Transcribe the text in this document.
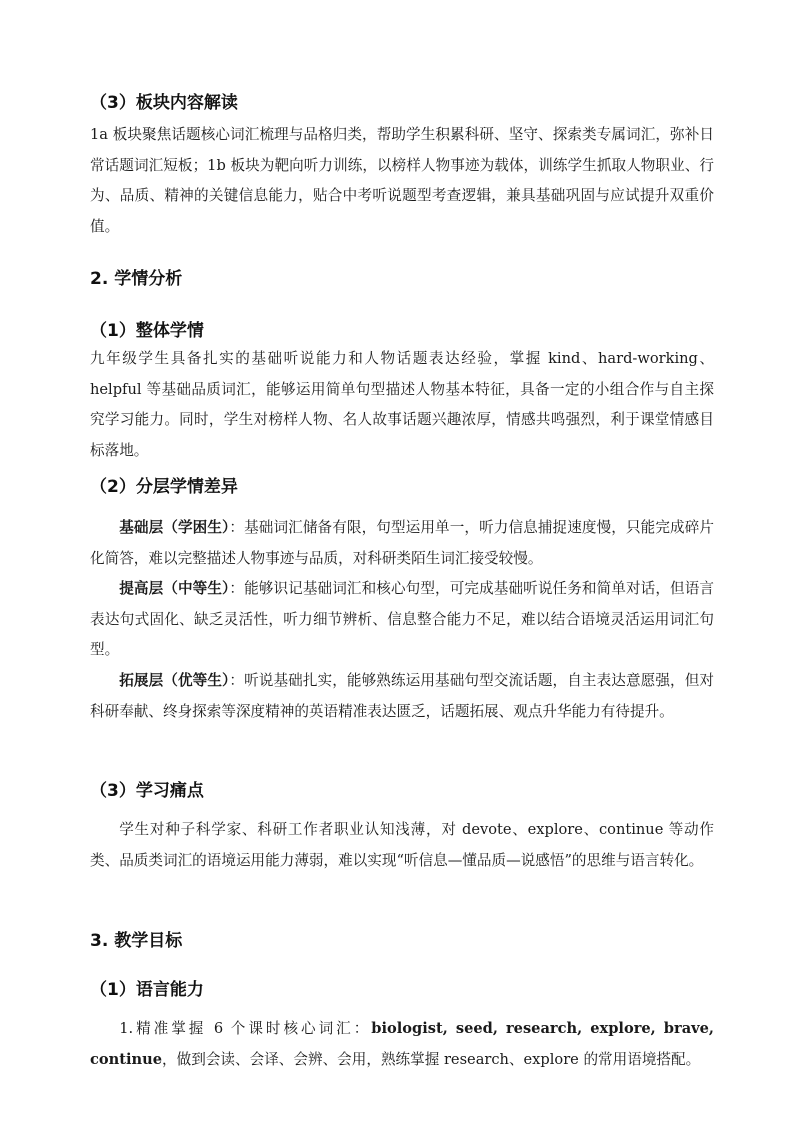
（3）板块内容解读

1a 板块聚焦话题核心词汇梳理与品格归类，帮助学生积累科研、坚守、探索类专属词汇，弥补日常话题词汇短板；1b 板块为靶向听力训练，以榜样人物事迹为载体，训练学生抓取人物职业、行为、品质、精神的关键信息能力，贴合中考听说题型考查逻辑，兼具基础巩固与应试提升双重价值。

2. 学情分析
（1）整体学情

九年级学生具备扎实的基础听说能力和人物话题表达经验，掌握 kind、hard-working、helpful 等基础品质词汇，能够运用简单句型描述人物基本特征，具备一定的小组合作与自主探究学习能力。同时，学生对榜样人物、名人故事话题兴趣浓厚，情感共鸣强烈，利于课堂情感目标落地。

（2）分层学情差异

基础层（学困生）：基础词汇储备有限，句型运用单一，听力信息捕捉速度慢，只能完成碎片化简答，难以完整描述人物事迹与品质，对科研类陌生词汇接受较慢。

提高层（中等生）：能够识记基础词汇和核心句型，可完成基础听说任务和简单对话，但语言表达句式固化、缺乏灵活性，听力细节辨析、信息整合能力不足，难以结合语境灵活运用词汇句型。

拓展层（优等生）：听说基础扎实，能够熟练运用基础句型交流话题，自主表达意愿强，但对科研奉献、终身探索等深度精神的英语精准表达匮乏，话题拓展、观点升华能力有待提升。

（3）学习痛点

学生对种子科学家、科研工作者职业认知浅薄，对 devote、explore、continue 等动作类、品质类词汇的语境运用能力薄弱，难以实现“听信息—懂品质—说感悟”的思维与语言转化。

3. 教学目标
（1）语言能力

1.精准掌握 6 个课时核心词汇：biologist, seed, research, explore, brave, continue，做到会读、会译、会辨、会用，熟练掌握 research、explore 的常用语境搭配。
